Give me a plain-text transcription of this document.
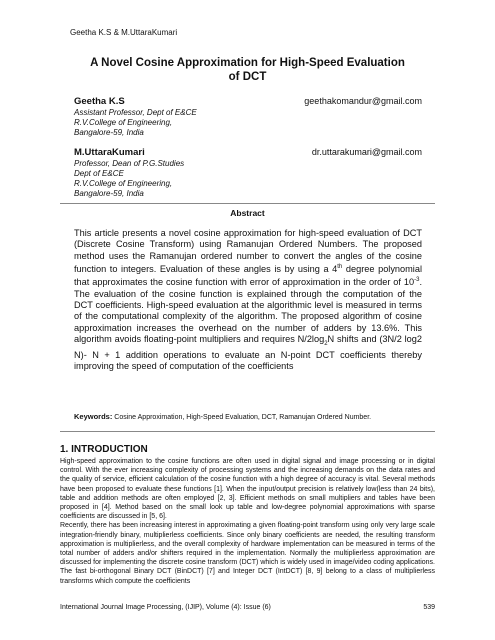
Geetha K.S & M.UttaraKumari
A Novel Cosine Approximation for High-Speed Evaluation
of DCT
Geetha K.S	geethakomandur@gmail.com
Assistant Professor, Dept of E&CE
R.V.College of Engineering,
Bangalore-59, India
M.UttaraKumari	dr.uttarakumari@gmail.com
Professor, Dean of P.G.Studies
Dept of E&CE
R.V.College of Engineering,
Bangalore-59, India
Abstract
This article presents a novel cosine approximation for high-speed evaluation of DCT (Discrete Cosine Transform) using Ramanujan Ordered Numbers. The proposed method uses the Ramanujan ordered number to convert the angles of the cosine function to integers. Evaluation of these angles is by using a 4th degree polynomial that approximates the cosine function with error of approximation in the order of $10^{-3}$. The evaluation of the cosine function is explained through the computation of the DCT coefficients. High-speed evaluation at the algorithmic level is measured in terms of the computational complexity of the algorithm. The proposed algorithm of cosine approximation increases the overhead on the number of adders by 13.6%. This algorithm avoids floating-point multipliers and requires $N/2\log_2N$ shifts and (3N/2 log2 N)- N + 1 addition operations to evaluate an N-point DCT coefficients thereby improving the speed of computation of the coefficients
Keywords: Cosine Approximation, High-Speed Evaluation, DCT, Ramanujan Ordered Number.
1. INTRODUCTION

High-speed approximation to the cosine functions are often used in digital signal and image processing or in digital control. With the ever increasing complexity of processing systems and the increasing demands on the data rates and the quality of service, efficient calculation of the cosine function with a high degree of accuracy is vital. Several methods have been proposed to evaluate these functions [1]. When the input/output precision is relatively low(less than 24 bits), table and addition methods are often employed [2, 3]. Efficient methods on small multipliers and tables have been proposed in [4]. Method based on the small look up table and low-degree polynomial approximations with sparse coefficients are discussed in [5, 6].

Recently, there has been increasing interest in approximating a given floating-point transform using only very large scale integration-friendly binary, multiplierless coefficients. Since only binary coefficients are needed, the resulting transform approximation is multiplierless, and the overall complexity of hardware implementation can be measured in terms of the total number of adders and/or shifters required in the implementation. Normally the multiplierless approximation are discussed for implementing the discrete cosine transform (DCT) which is widely used in image/video coding applications. The fast bi-orthogonal Binary DCT (BinDCT) [7] and Integer DCT (IntDCT) [8, 9] belong to a class of multiplierless transforms which compute the coefficients

International Journal Image Processing, (IJIP), Volume (4): Issue (6)	539
